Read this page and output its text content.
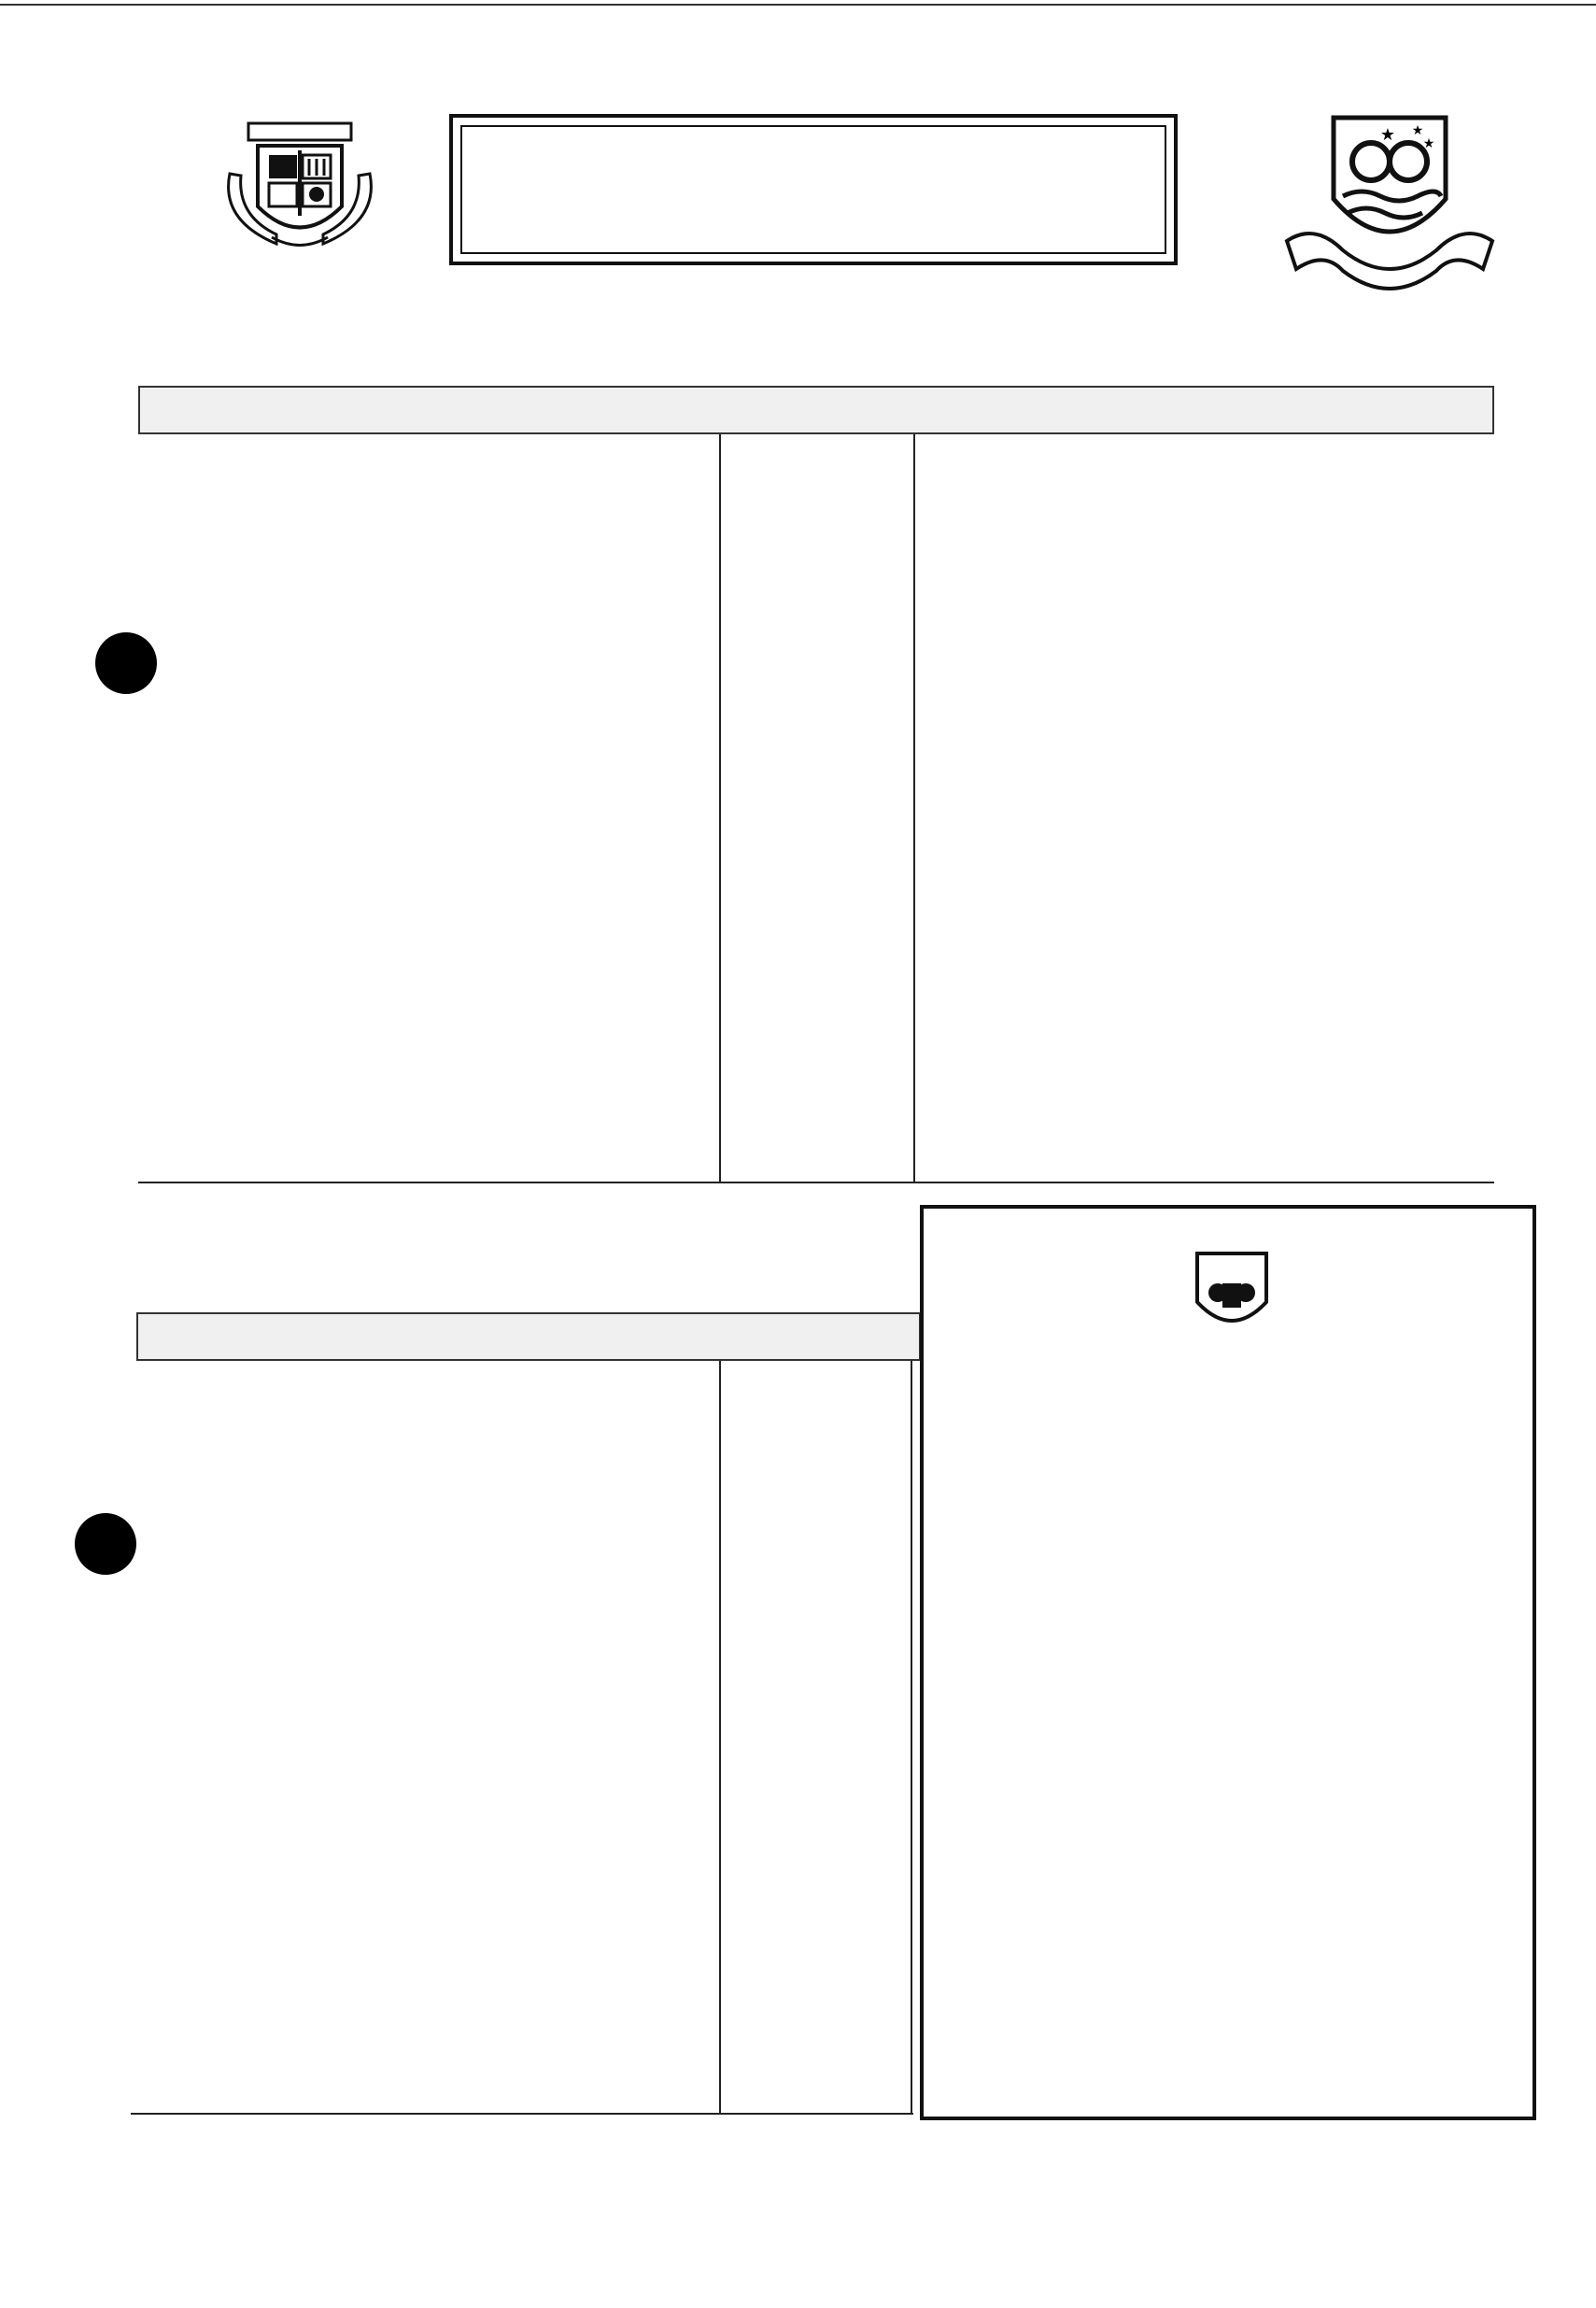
★ ★
★
